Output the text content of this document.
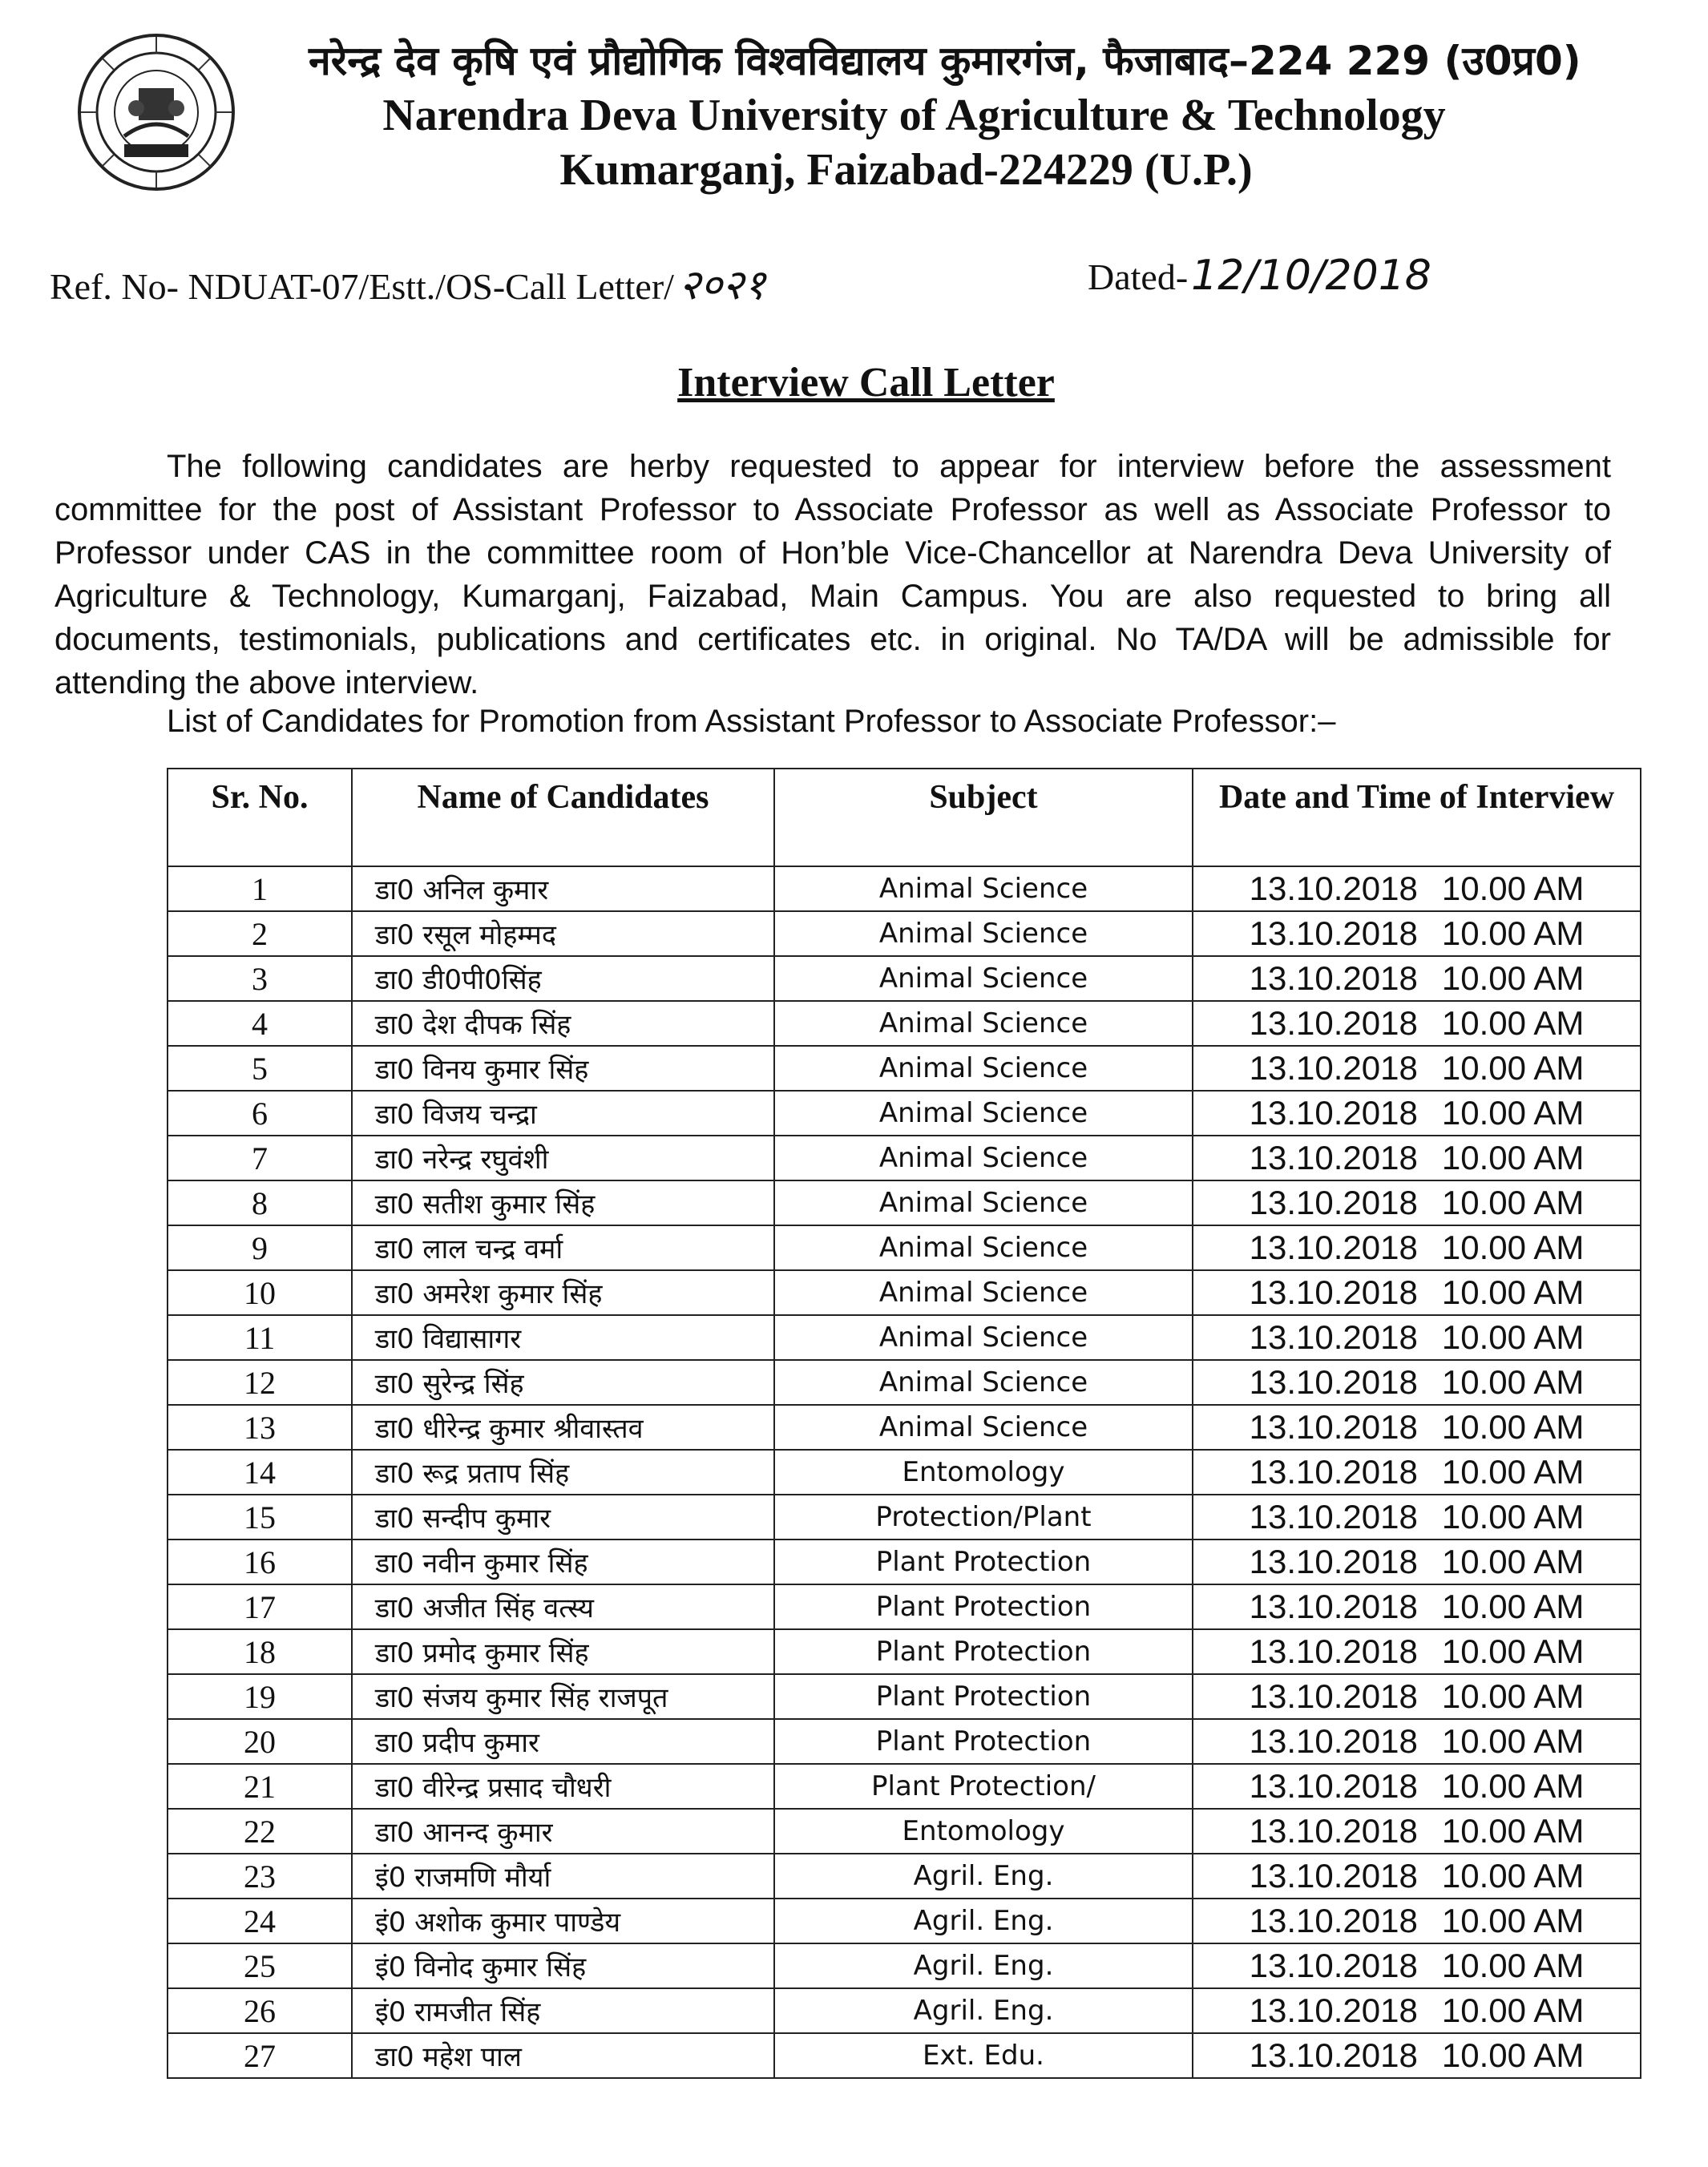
नरेन्द्र देव कृषि एवं प्रौद्योगिक विश्वविद्यालय कुमारगंज, फैजाबाद–224 229 (उ0प्र0)
Narendra Deva University of Agriculture & Technology
Kumarganj, Faizabad-224229 (U.P.)
Ref. No- NDUAT-07/Estt./OS-Call Letter/ २०२१	Dated-12/10/2018
Interview Call Letter
The following candidates are herby requested to appear for interview before the assessment committee for the post of Assistant Professor to Associate Professor as well as Associate Professor to Professor under CAS in the committee room of Hon’ble Vice-Chancellor at Narendra Deva University of Agriculture & Technology, Kumarganj, Faizabad, Main Campus. You are also requested to bring all documents, testimonials, publications and certificates etc. in original. No TA/DA will be admissible for attending the above interview.
List of Candidates for Promotion from Assistant Professor to Associate Professor:–
Sr. No.	Name of Candidates	Subject	Date and Time of Interview
1	डा0 अनिल कुमार	Animal Science	13.10.2018 10.00 AM
2	डा0 रसूल मोहम्मद	Animal Science	13.10.2018 10.00 AM
3	डा0 डी0पी0सिंह	Animal Science	13.10.2018 10.00 AM
4	डा0 देश दीपक सिंह	Animal Science	13.10.2018 10.00 AM
5	डा0 विनय कुमार सिंह	Animal Science	13.10.2018 10.00 AM
6	डा0 विजय चन्द्रा	Animal Science	13.10.2018 10.00 AM
7	डा0 नरेन्द्र रघुवंशी	Animal Science	13.10.2018 10.00 AM
8	डा0 सतीश कुमार सिंह	Animal Science	13.10.2018 10.00 AM
9	डा0 लाल चन्द्र वर्मा	Animal Science	13.10.2018 10.00 AM
10	डा0 अमरेश कुमार सिंह	Animal Science	13.10.2018 10.00 AM
11	डा0 विद्यासागर	Animal Science	13.10.2018 10.00 AM
12	डा0 सुरेन्द्र सिंह	Animal Science	13.10.2018 10.00 AM
13	डा0 धीरेन्द्र कुमार श्रीवास्तव	Animal Science	13.10.2018 10.00 AM
14	डा0 रूद्र प्रताप सिंह	Entomology	13.10.2018 10.00 AM
15	डा0 सन्दीप कुमार	Protection/Plant	13.10.2018 10.00 AM
16	डा0 नवीन कुमार सिंह	Plant Protection	13.10.2018 10.00 AM
17	डा0 अजीत सिंह वत्स्य	Plant Protection	13.10.2018 10.00 AM
18	डा0 प्रमोद कुमार सिंह	Plant Protection	13.10.2018 10.00 AM
19	डा0 संजय कुमार सिंह राजपूत	Plant Protection	13.10.2018 10.00 AM
20	डा0 प्रदीप कुमार	Plant Protection	13.10.2018 10.00 AM
21	डा0 वीरेन्द्र प्रसाद चौधरी	Plant Protection/	13.10.2018 10.00 AM
22	डा0 आनन्द कुमार	Entomology	13.10.2018 10.00 AM
23	इं0 राजमणि मौर्या	Agril. Eng.	13.10.2018 10.00 AM
24	इं0 अशोक कुमार पाण्डेय	Agril. Eng.	13.10.2018 10.00 AM
25	इं0 विनोद कुमार सिंह	Agril. Eng.	13.10.2018 10.00 AM
26	इं0 रामजीत सिंह	Agril. Eng.	13.10.2018 10.00 AM
27	डा0 महेश पाल	Ext. Edu.	13.10.2018 10.00 AM
